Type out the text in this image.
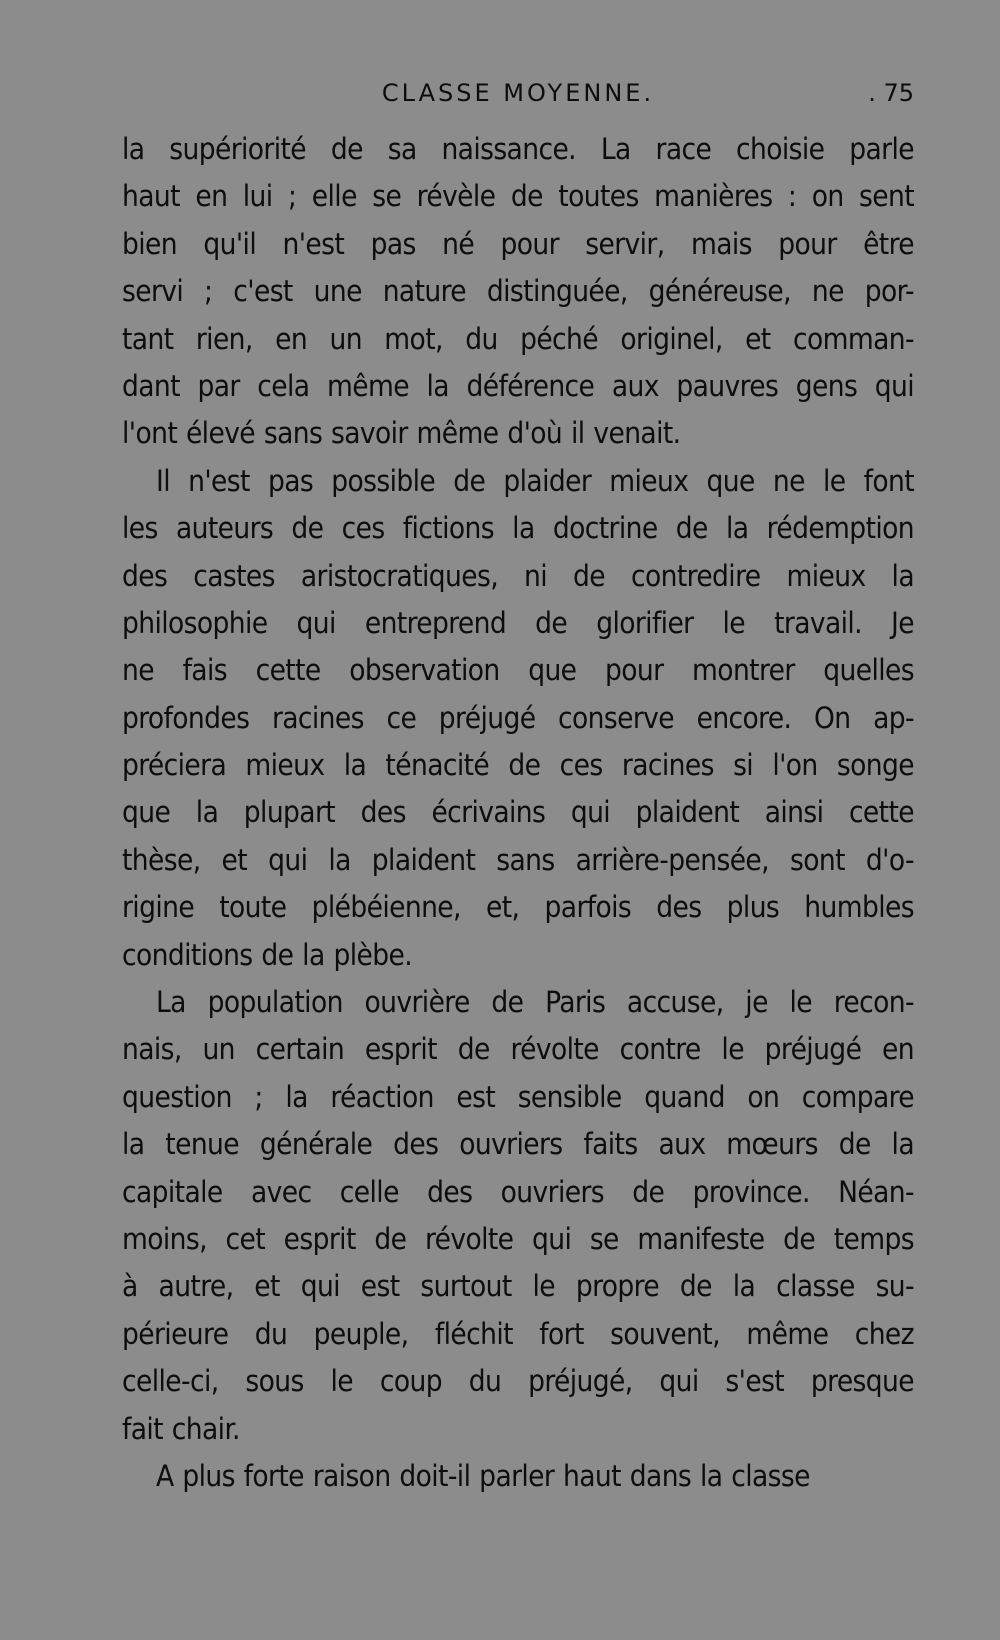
CLASSE MOYENNE.	. 75
la supériorité de sa naissance. La race choisie parle
haut en lui ; elle se révèle de toutes manières : on sent
bien qu'il n'est pas né pour servir, mais pour être
servi ; c'est une nature distinguée, généreuse, ne por-
tant rien, en un mot, du péché originel, et comman-
dant par cela même la déférence aux pauvres gens qui
l'ont élevé sans savoir même d'où il venait.
Il n'est pas possible de plaider mieux que ne le font
les auteurs de ces fictions la doctrine de la rédemption
des castes aristocratiques, ni de contredire mieux la
philosophie qui entreprend de glorifier le travail. Je
ne fais cette observation que pour montrer quelles
profondes racines ce préjugé conserve encore. On ap-
préciera mieux la ténacité de ces racines si l'on songe
que la plupart des écrivains qui plaident ainsi cette
thèse, et qui la plaident sans arrière-pensée, sont d'o-
rigine toute plébéienne, et, parfois des plus humbles
conditions de la plèbe.
La population ouvrière de Paris accuse, je le recon-
nais, un certain esprit de révolte contre le préjugé en
question ; la réaction est sensible quand on compare
la tenue générale des ouvriers faits aux mœurs de la
capitale avec celle des ouvriers de province. Néan-
moins, cet esprit de révolte qui se manifeste de temps
à autre, et qui est surtout le propre de la classe su-
périeure du peuple, fléchit fort souvent, même chez
celle-ci, sous le coup du préjugé, qui s'est presque
fait chair.
A plus forte raison doit-il parler haut dans la classe
